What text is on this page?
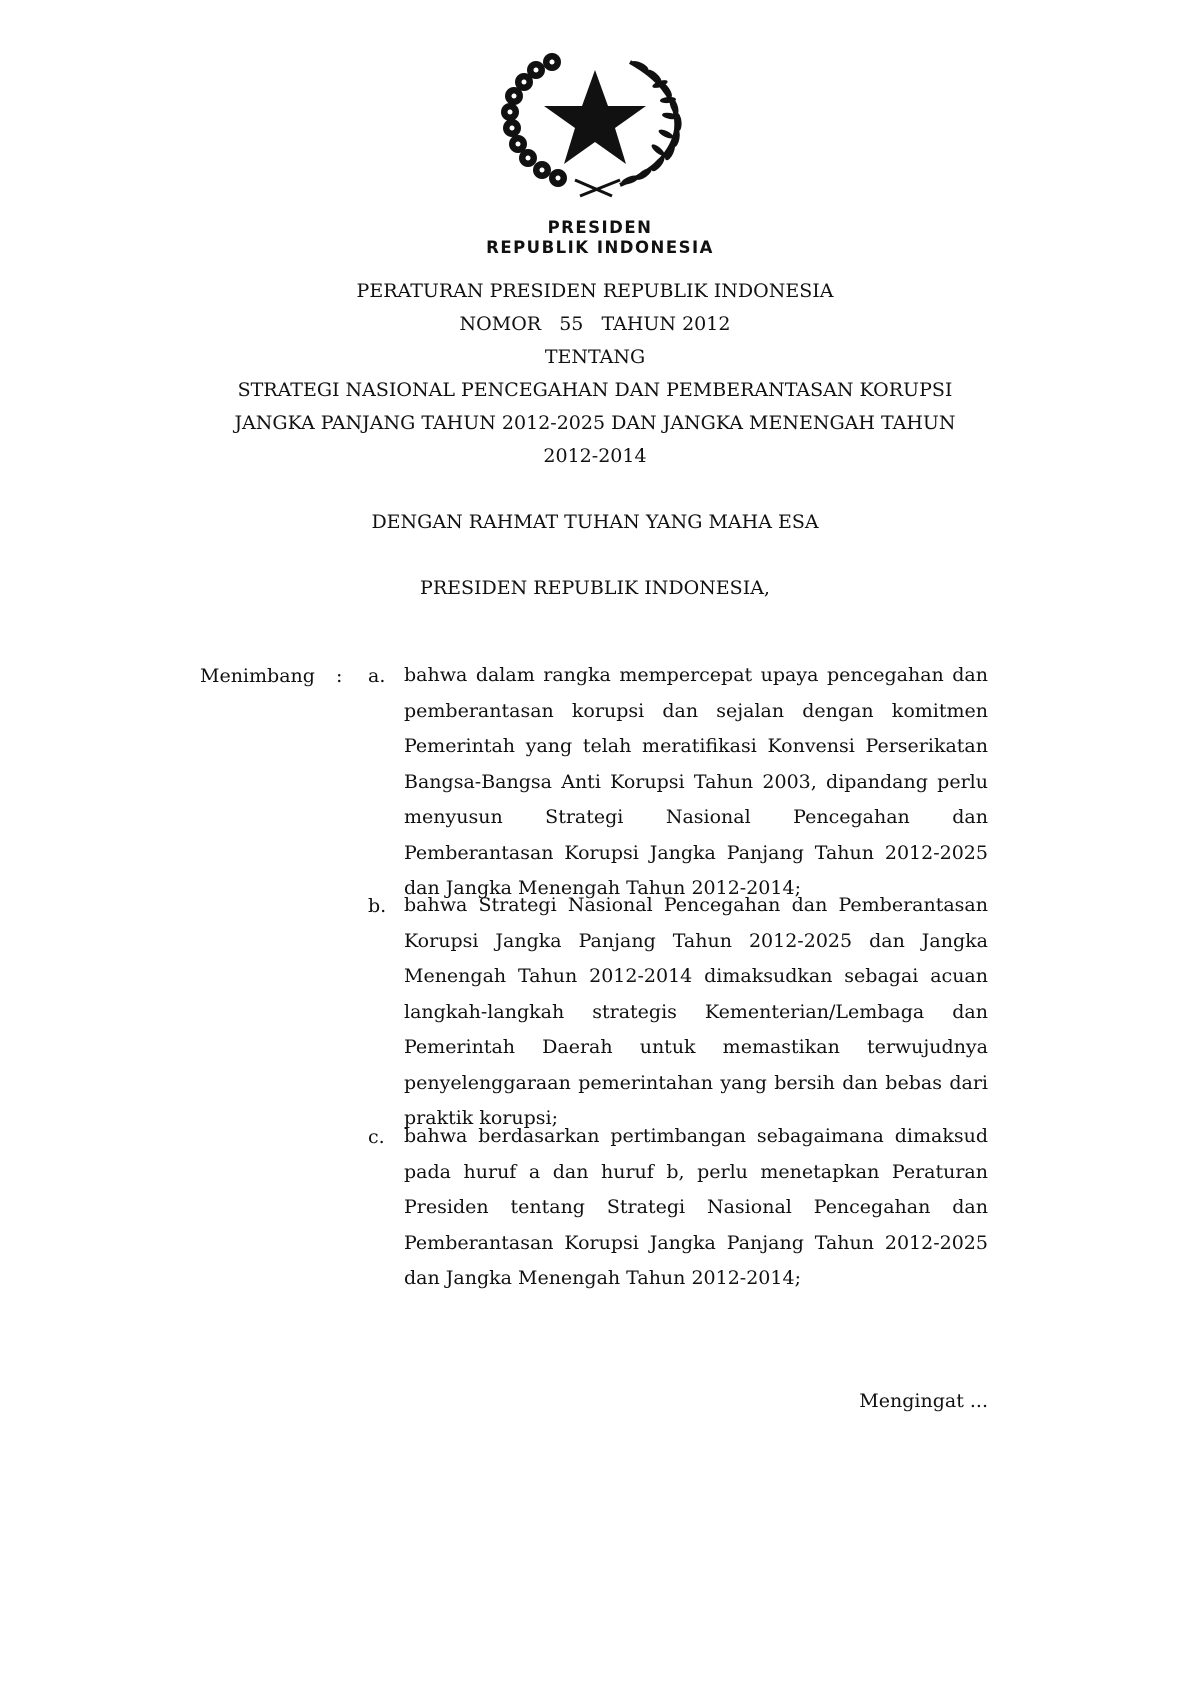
PRESIDEN
REPUBLIK INDONESIA
PERATURAN PRESIDEN REPUBLIK INDONESIA
NOMOR   55   TAHUN 2012
TENTANG
STRATEGI NASIONAL PENCEGAHAN DAN PEMBERANTASAN KORUPSI
JANGKA PANJANG TAHUN 2012-2025 DAN JANGKA MENENGAH TAHUN
2012-2014
DENGAN RAHMAT TUHAN YANG MAHA ESA
PRESIDEN REPUBLIK INDONESIA,
Menimbang : a. bahwa dalam rangka mempercepat upaya pencegahan dan pemberantasan korupsi dan sejalan dengan komitmen Pemerintah yang telah meratifikasi Konvensi Perserikatan Bangsa-Bangsa Anti Korupsi Tahun 2003, dipandang perlu menyusun Strategi Nasional Pencegahan dan Pemberantasan Korupsi Jangka Panjang Tahun 2012-2025 dan Jangka Menengah Tahun 2012-2014;
b. bahwa Strategi Nasional Pencegahan dan Pemberantasan Korupsi Jangka Panjang Tahun 2012-2025 dan Jangka Menengah Tahun 2012-2014 dimaksudkan sebagai acuan langkah-langkah strategis Kementerian/Lembaga dan Pemerintah Daerah untuk memastikan terwujudnya penyelenggaraan pemerintahan yang bersih dan bebas dari praktik korupsi;
c. bahwa berdasarkan pertimbangan sebagaimana dimaksud pada huruf a dan huruf b, perlu menetapkan Peraturan Presiden tentang Strategi Nasional Pencegahan dan Pemberantasan Korupsi Jangka Panjang Tahun 2012-2025 dan Jangka Menengah Tahun 2012-2014;
Mengingat ...
